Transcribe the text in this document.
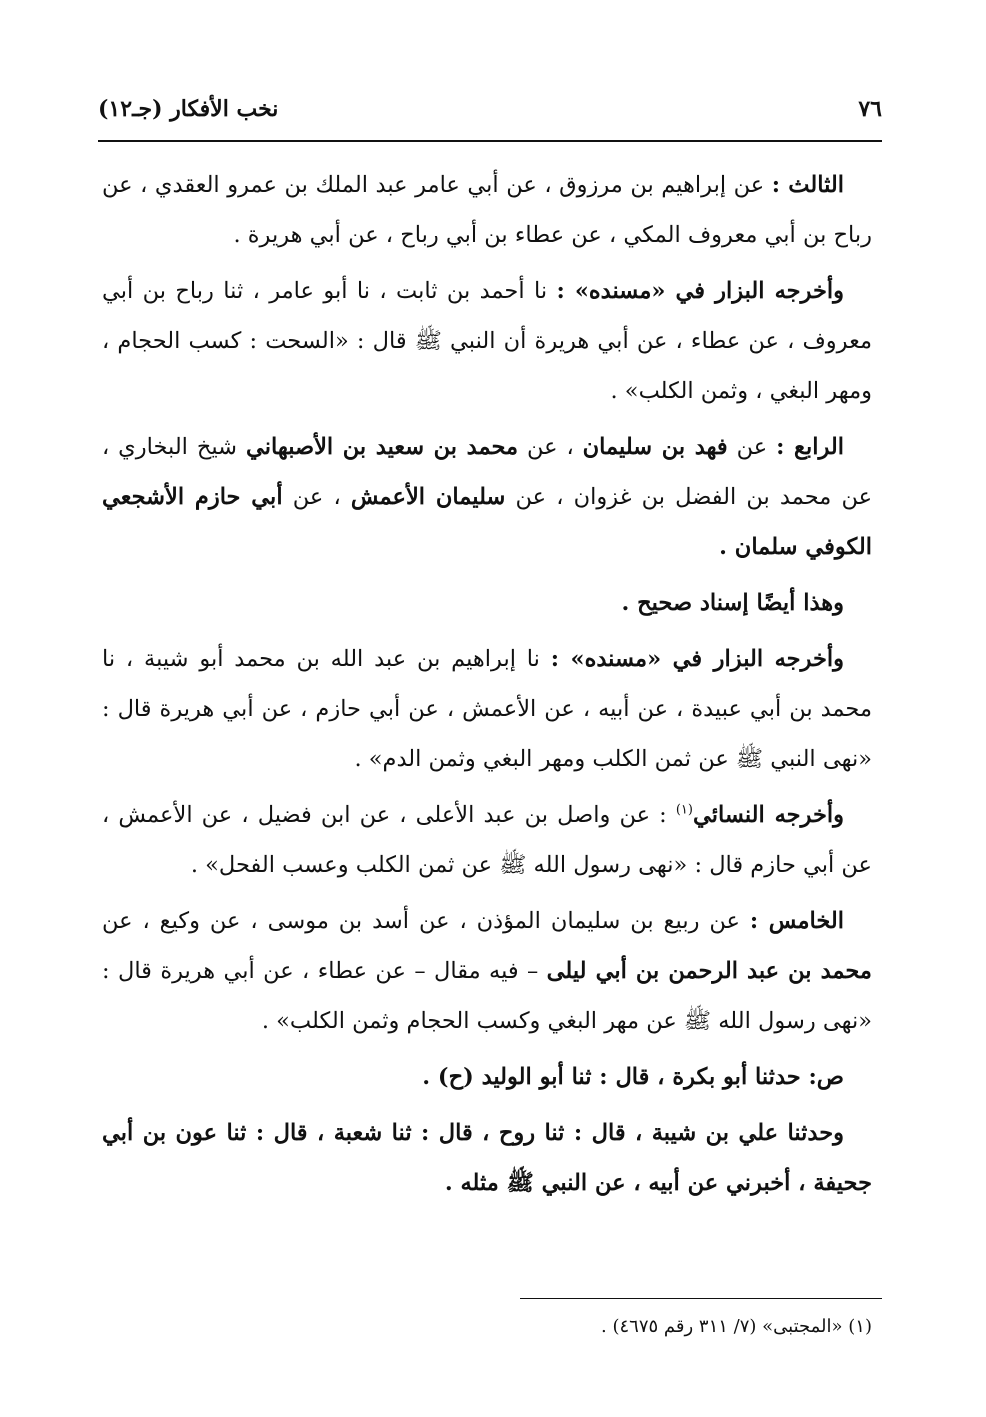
٧٦
نخب الأفكار (جـ١٢)

الثالث : عن إبراهيم بن مرزوق ، عن أبي عامر عبد الملك بن عمرو العقدي ، عن رباح بن أبي معروف المكي ، عن عطاء بن أبي رباح ، عن أبي هريرة .

وأخرجه البزار في «مسنده» : نا أحمد بن ثابت ، نا أبو عامر ، ثنا رباح بن أبي معروف ، عن عطاء ، عن أبي هريرة أن النبي ﷺ قال : «السحت : كسب الحجام ، ومهر البغي ، وثمن الكلب» .

الرابع : عن فهد بن سليمان ، عن محمد بن سعيد بن الأصبهاني شيخ البخاري ، عن محمد بن الفضل بن غزوان ، عن سليمان الأعمش ، عن أبي حازم الأشجعي الكوفي سلمان .

وهذا أيضًا إسناد صحيح .

وأخرجه البزار في «مسنده» : نا إبراهيم بن عبد الله بن محمد أبو شيبة ، نا محمد بن أبي عبيدة ، عن أبيه ، عن الأعمش ، عن أبي حازم ، عن أبي هريرة قال : «نهى النبي ﷺ عن ثمن الكلب ومهر البغي وثمن الدم» .

وأخرجه النسائي$^{(١)}$ : عن واصل بن عبد الأعلى ، عن ابن فضيل ، عن الأعمش ، عن أبي حازم قال : «نهى رسول الله ﷺ عن ثمن الكلب وعسب الفحل» .

الخامس : عن ربيع بن سليمان المؤذن ، عن أسد بن موسى ، عن وكيع ، عن محمد بن عبد الرحمن بن أبي ليلى – فيه مقال – عن عطاء ، عن أبي هريرة قال : «نهى رسول الله ﷺ عن مهر البغي وكسب الحجام وثمن الكلب» .

ص: حدثنا أبو بكرة ، قال : ثنا أبو الوليد (ح) .

وحدثنا علي بن شيبة ، قال : ثنا روح ، قال : ثنا شعبة ، قال : ثنا عون بن أبي جحيفة ، أخبرني عن أبيه ، عن النبي ﷺ مثله .

(١) «المجتبى» (٧/ ٣١١ رقم ٤٦٧٥) .
